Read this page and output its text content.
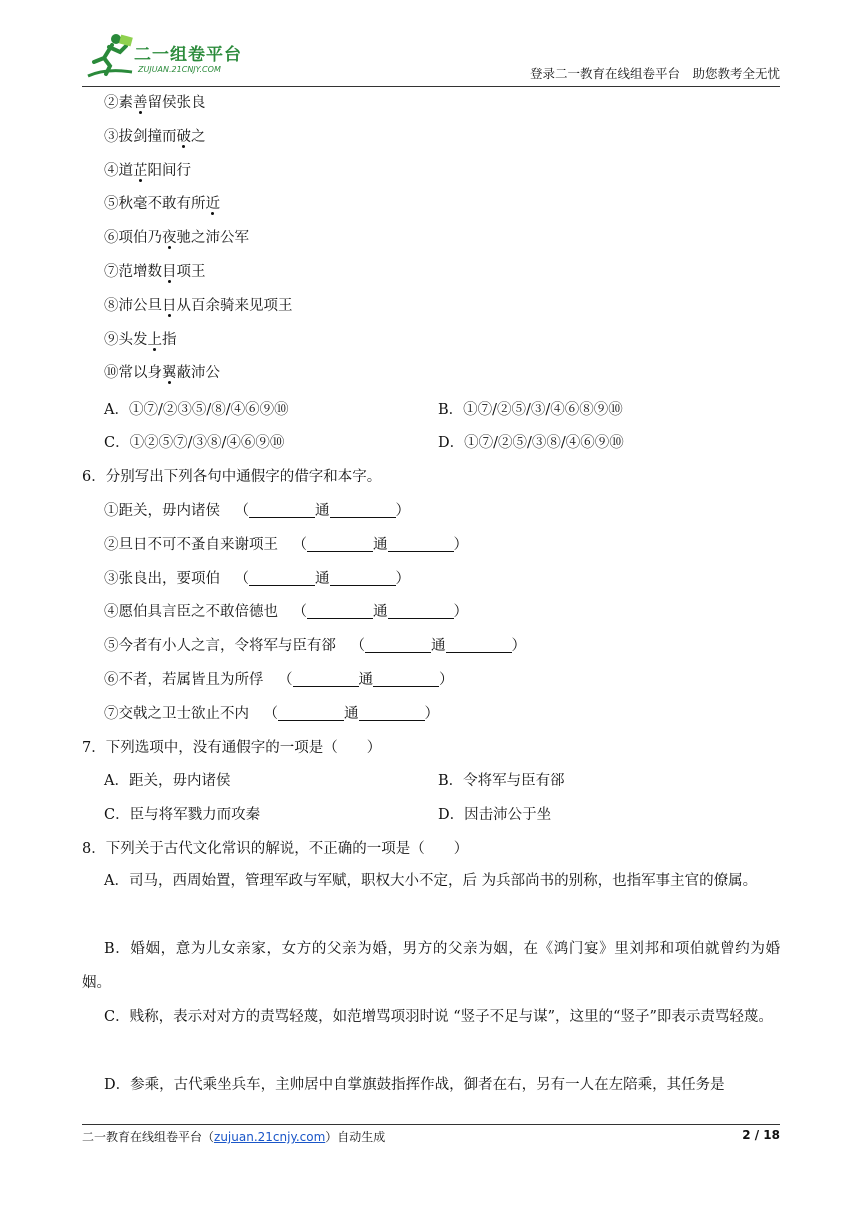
二一组卷平台
ZUJUAN.21CNJY.COM	登录二一教育在线组卷平台　助您教考全无忧
②素善留侯张良
③拔剑撞而破之
④道芷阳间行
⑤秋毫不敢有所近
⑥项伯乃夜驰之沛公军
⑦范增数目项王
⑧沛公旦日从百余骑来见项王
⑨头发上指
⑩常以身翼蔽沛公
A．①⑦/②③⑤/⑧/④⑥⑨⑩	B．①⑦/②⑤/③/④⑥⑧⑨⑩
C．①②⑤⑦/③⑧/④⑥⑨⑩	D．①⑦/②⑤/③⑧/④⑥⑨⑩
6．分别写出下列各句中通假字的借字和本字。
①距关，毋内诸侯  （	通	）
②旦日不可不蚤自来谢项王  （	通	）
③张良出，要项伯  （	通	）
④愿伯具言臣之不敢倍德也  （	通	）
⑤今者有小人之言，令将军与臣有郤  （	通	）
⑥不者，若属皆且为所俘  （	通	）
⑦交戟之卫士欲止不内  （	通	）
7．下列选项中，没有通假字的一项是（　　）
A．距关，毋内诸侯	B．令将军与臣有郤
C．臣与将军戮力而攻秦	D．因击沛公于坐
8．下列关于古代文化常识的解说，不正确的一项是（　　）
A．司马，西周始置，管理军政与军赋，职权大小不定，后 为兵部尚书的别称，也指军事主官的僚属。
B．婚姻，意为儿女亲家，女方的父亲为婚，男方的父亲为姻，在《鸿门宴》里刘邦和项伯就曾约为婚姻。
C．贱称，表示对对方的责骂轻蔑，如范增骂项羽时说 “竖子不足与谋”，这里的“竖子”即表示责骂轻蔑。
D．参乘，古代乘坐兵车，主帅居中自掌旗鼓指挥作战，御者在右，另有一人在左陪乘，其任务是
二一教育在线组卷平台（zujuan.21cnjy.com）自动生成	2 / 18
